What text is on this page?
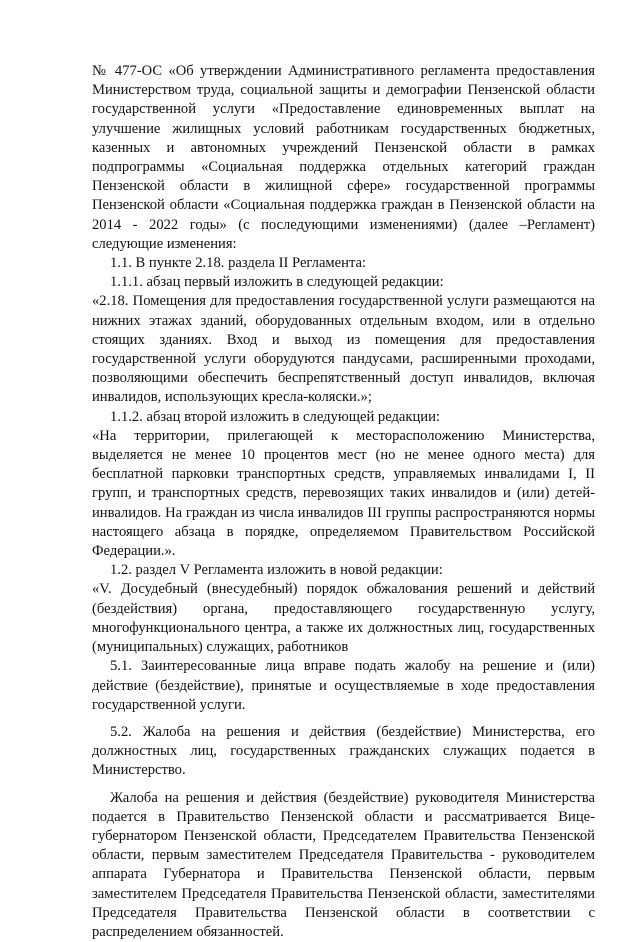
№ 477-ОС «Об утверждении Административного регламента предоставления Министерством труда, социальной защиты и демографии Пензенской области государственной услуги «Предоставление единовременных выплат на улучшение жилищных условий работникам государственных бюджетных, казенных и автономных учреждений Пензенской области в рамках подпрограммы «Социальная поддержка отдельных категорий граждан Пензенской области в жилищной сфере» государственной программы Пензенской области «Социальная поддержка граждан в Пензенской области на 2014 - 2022 годы» (с последующими изменениями) (далее –Регламент) следующие изменения:

1.1. В пункте 2.18. раздела II Регламента:

1.1.1. абзац первый изложить в следующей редакции:

«2.18. Помещения для предоставления государственной услуги размещаются на нижних этажах зданий, оборудованных отдельным входом, или в отдельно стоящих зданиях. Вход и выход из помещения для предоставления государственной услуги оборудуются пандусами, расширенными проходами, позволяющими обеспечить беспрепятственный доступ инвалидов, включая инвалидов, использующих кресла-коляски.»;

1.1.2. абзац второй изложить в следующей редакции:

«На территории, прилегающей к месторасположению Министерства, выделяется не менее 10 процентов мест (но не менее одного места) для бесплатной парковки транспортных средств, управляемых инвалидами I, II групп, и транспортных средств, перевозящих таких инвалидов и (или) детей-инвалидов. На граждан из числа инвалидов III группы распространяются нормы настоящего абзаца в порядке, определяемом Правительством Российской Федерации.».

1.2. раздел V Регламента изложить в новой редакции:

«V. Досудебный (внесудебный) порядок обжалования решений и действий (бездействия) органа, предоставляющего государственную услугу, многофункционального центра, а также их должностных лиц, государственных (муниципальных) служащих, работников

5.1. Заинтересованные лица вправе подать жалобу на решение и (или) действие (бездействие), принятые и осуществляемые в ходе предоставления государственной услуги.

5.2. Жалоба на решения и действия (бездействие) Министерства, его должностных лиц, государственных гражданских служащих подается в Министерство.

Жалоба на решения и действия (бездействие) руководителя Министерства подается в Правительство Пензенской области и рассматривается Вице-губернатором Пензенской области, Председателем Правительства Пензенской области, первым заместителем Председателя Правительства - руководителем аппарата Губернатора и Правительства Пензенской области, первым заместителем Председателя Правительства Пензенской области, заместителями Председателя Правительства Пензенской области в соответствии с распределением обязанностей.
